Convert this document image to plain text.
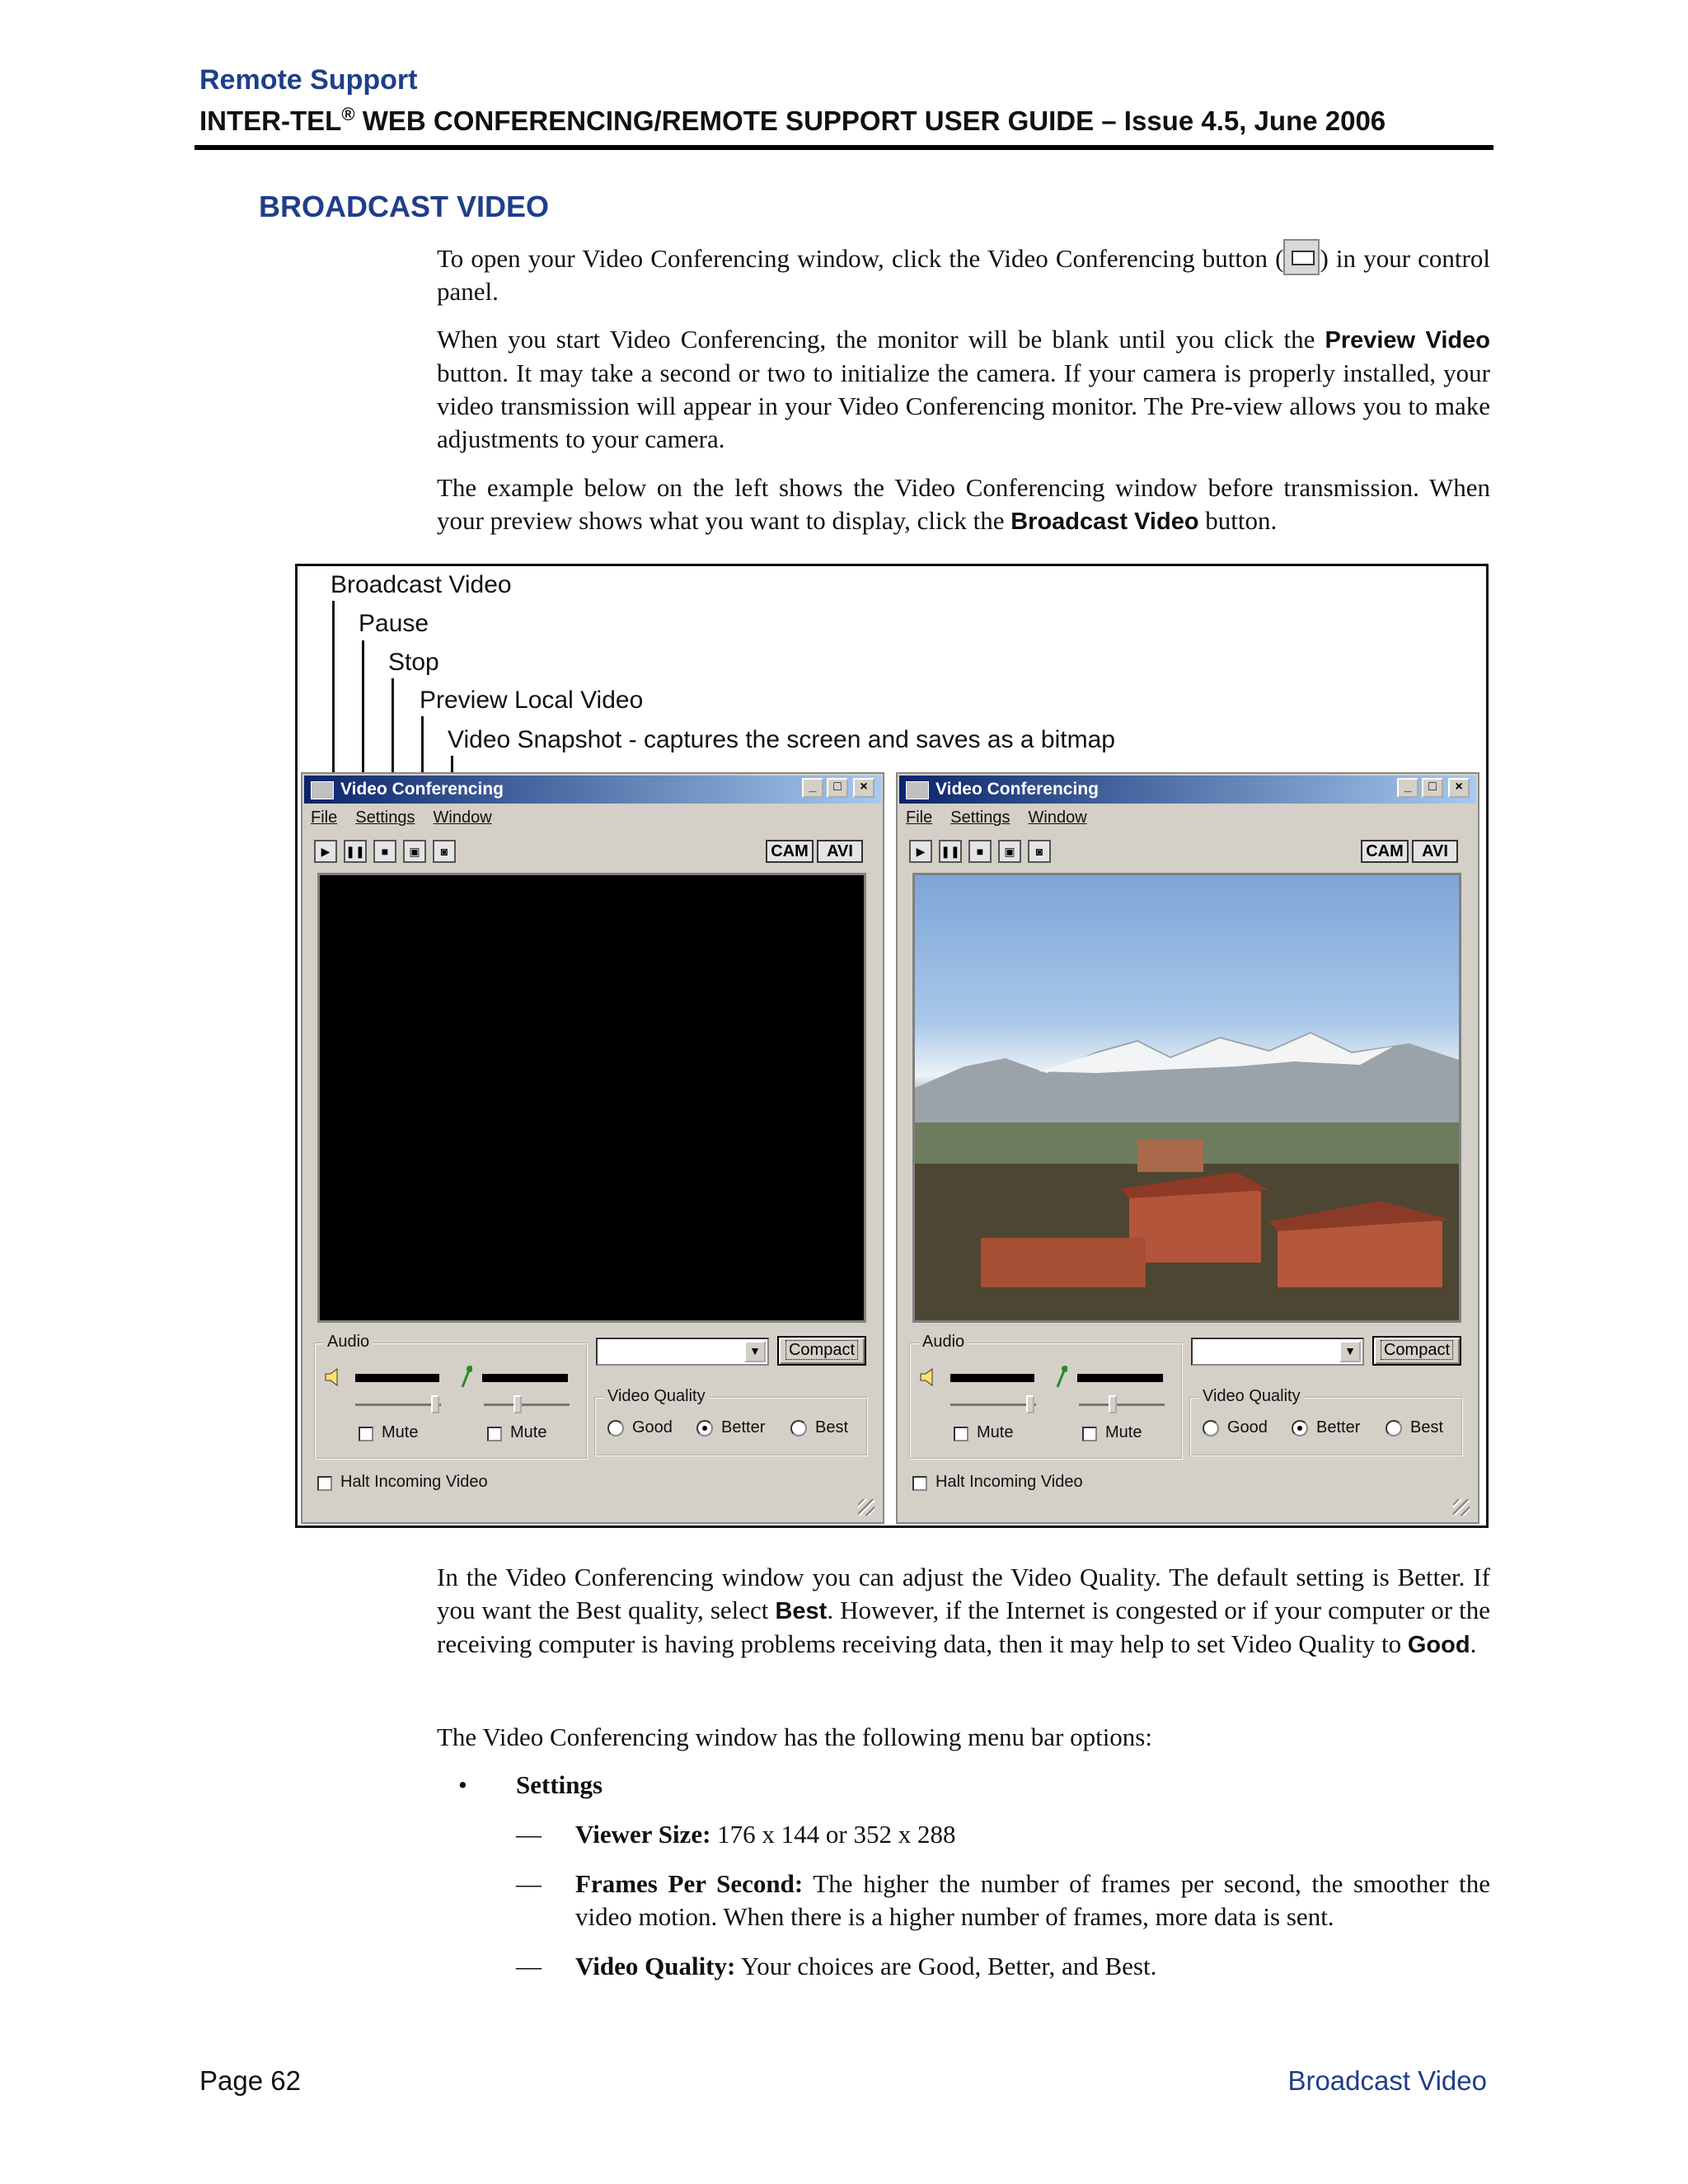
Remote Support
INTER-TEL® WEB CONFERENCING/REMOTE SUPPORT USER GUIDE – Issue 4.5, June 2006
BROADCAST VIDEO
To open your Video Conferencing window, click the Video Conferencing button ( ) in your control panel.
When you start Video Conferencing, the monitor will be blank until you click the Preview Video button. It may take a second or two to initialize the camera. If your camera is properly installed, your video transmission will appear in your Video Conferencing monitor. The Pre-view allows you to make adjustments to your camera.
The example below on the left shows the Video Conferencing window before transmission. When your preview shows what you want to display, click the Broadcast Video button.
Broadcast Video
Pause
Stop
Preview Local Video
Video Snapshot - captures the screen and saves as a bitmap
Video Conferencing	_	□	×
File Settings Window
▶	❚❚	■	▣	◙	CAM	AVI
Audio
Mute	Mute
▼	Compact
Video Quality
Good	Better	Best
Halt Incoming Video
Video Conferencing	_	□	×
File Settings Window
▶	❚❚	■	▣	◙	CAM	AVI
Audio
Mute	Mute
▼	Compact
Video Quality
Good	Better	Best
Halt Incoming Video
In the Video Conferencing window you can adjust the Video Quality. The default setting is Better. If you want the Best quality, select Best. However, if the Internet is congested or if your computer or the receiving computer is having problems receiving data, then it may help to set Video Quality to Good.
The Video Conferencing window has the following menu bar options:
• Settings
— Viewer Size: 176 x 144 or 352 x 288
— Frames Per Second: The higher the number of frames per second, the smoother the video motion. When there is a higher number of frames, more data is sent.
— Video Quality: Your choices are Good, Better, and Best.
Page 62	Broadcast Video
